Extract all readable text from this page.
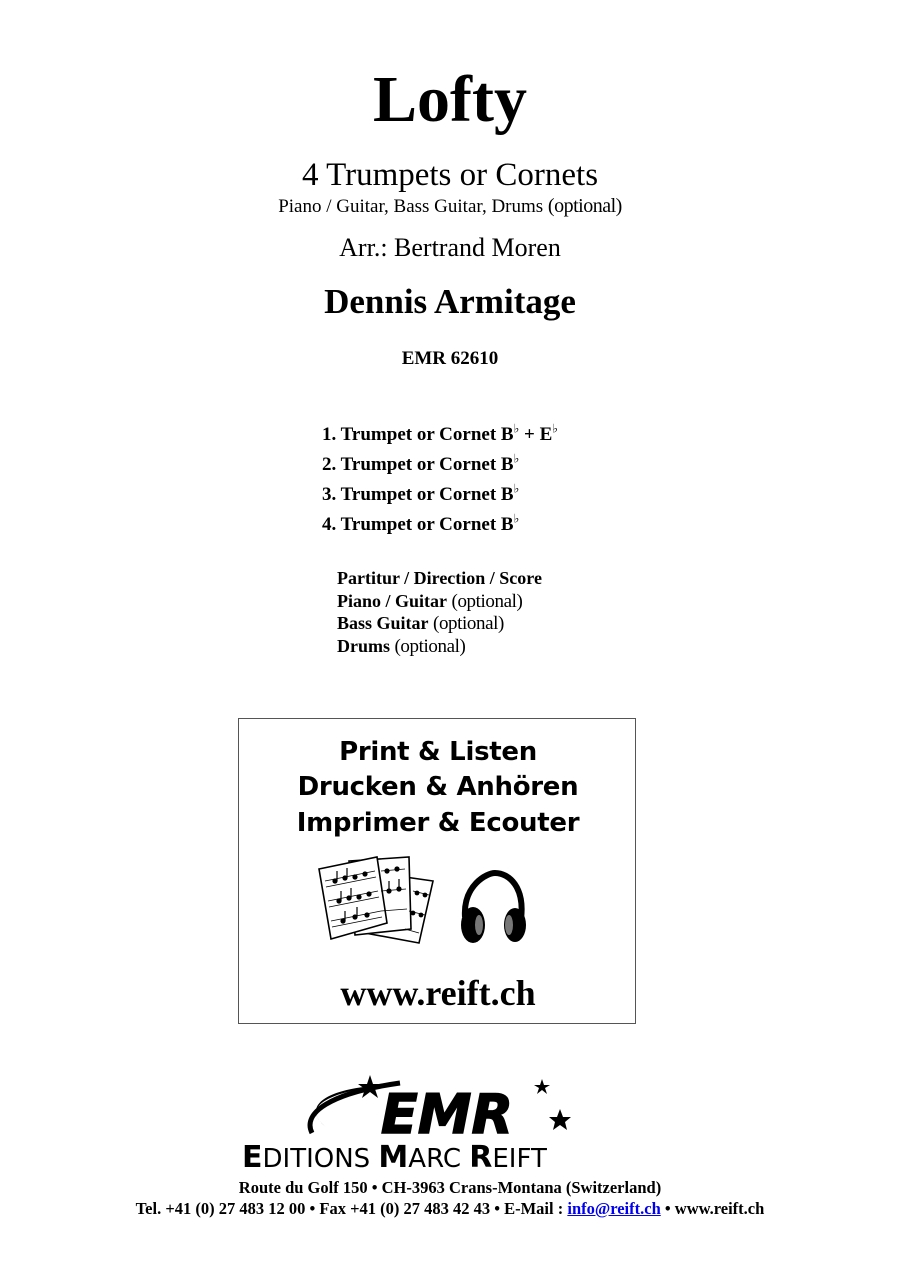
Lofty
4 Trumpets or Cornets
Piano / Guitar, Bass Guitar, Drums (optional)
Arr.: Bertrand Moren
Dennis Armitage
EMR 62610
1. Trumpet or Cornet B♭ + E♭
2. Trumpet or Cornet B♭
3. Trumpet or Cornet B♭
4. Trumpet or Cornet B♭
Partitur / Direction / Score
Piano / Guitar (optional)
Bass Guitar (optional)
Drums (optional)
Print & Listen
Drucken & Anhören
Imprimer & Ecouter
www.reift.ch
EMR
EDITIONS MARC REIFT
Route du Golf 150 • CH-3963 Crans-Montana (Switzerland)
Tel. +41 (0) 27 483 12 00 • Fax +41 (0) 27 483 42 43 • E-Mail : info@reift.ch • www.reift.ch
